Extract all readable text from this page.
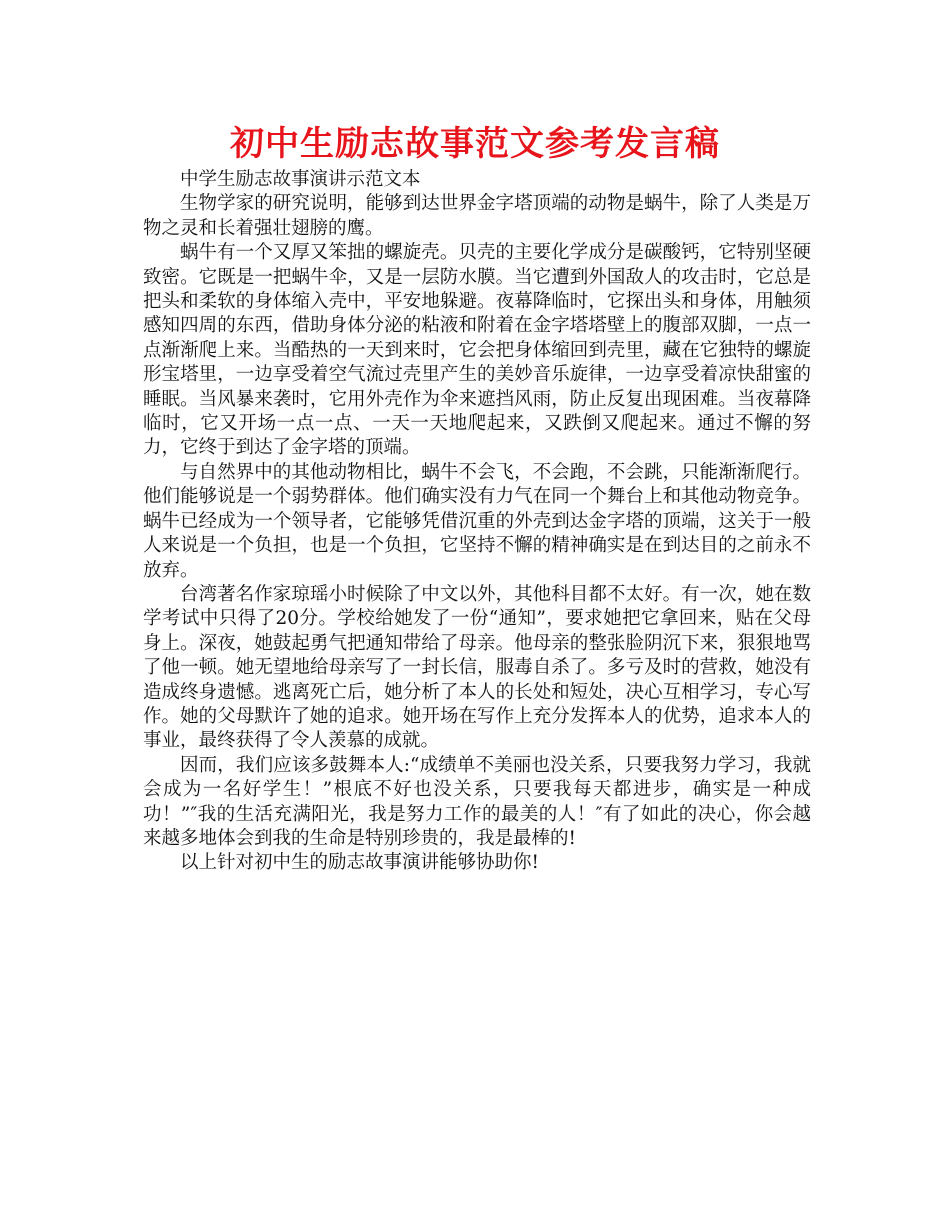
初中生励志故事范文参考发言稿

中学生励志故事演讲示范文本

生物学家的研究说明，能够到达世界金字塔顶端的动物是蜗牛，除了人类是万物之灵和长着强壮翅膀的鹰。

蜗牛有一个又厚又笨拙的螺旋壳。贝壳的主要化学成分是碳酸钙，它特别坚硬致密。它既是一把蜗牛伞，又是一层防水膜。当它遭到外国敌人的攻击时，它总是把头和柔软的身体缩入壳中，平安地躲避。夜幕降临时，它探出头和身体，用触须感知四周的东西，借助身体分泌的粘液和附着在金字塔塔壁上的腹部双脚，一点一点渐渐爬上来。当酷热的一天到来时，它会把身体缩回到壳里，藏在它独特的螺旋形宝塔里，一边享受着空气流过壳里产生的美妙音乐旋律，一边享受着凉快甜蜜的睡眠。当风暴来袭时，它用外壳作为伞来遮挡风雨，防止反复出现困难。当夜幕降临时，它又开场一点一点、一天一天地爬起来，又跌倒又爬起来。通过不懈的努力，它终于到达了金字塔的顶端。

与自然界中的其他动物相比，蜗牛不会飞，不会跑，不会跳，只能渐渐爬行。他们能够说是一个弱势群体。他们确实没有力气在同一个舞台上和其他动物竞争。蜗牛已经成为一个领导者，它能够凭借沉重的外壳到达金字塔的顶端，这关于一般人来说是一个负担，也是一个负担，它坚持不懈的精神确实是在到达目的之前永不放弃。

台湾著名作家琼瑶小时候除了中文以外，其他科目都不太好。有一次，她在数学考试中只得了20分。学校给她发了一份“通知”，要求她把它拿回来，贴在父母身上。深夜，她鼓起勇气把通知带给了母亲。他母亲的整张脸阴沉下来，狠狠地骂了他一顿。她无望地给母亲写了一封长信，服毒自杀了。多亏及时的营救，她没有造成终身遗憾。逃离死亡后，她分析了本人的长处和短处，决心互相学习，专心写作。她的父母默许了她的追求。她开场在写作上充分发挥本人的优势，追求本人的事业，最终获得了令人羡慕的成就。

因而，我们应该多鼓舞本人:“成绩单不美丽也没关系，只要我努力学习，我就会成为一名好学生！”根底不好也没关系，只要我每天都进步，确实是一种成功！”″我的生活充满阳光，我是努力工作的最美的人！″有了如此的决心，你会越来越多地体会到我的生命是特别珍贵的，我是最棒的!

以上针对初中生的励志故事演讲能够协助你!
